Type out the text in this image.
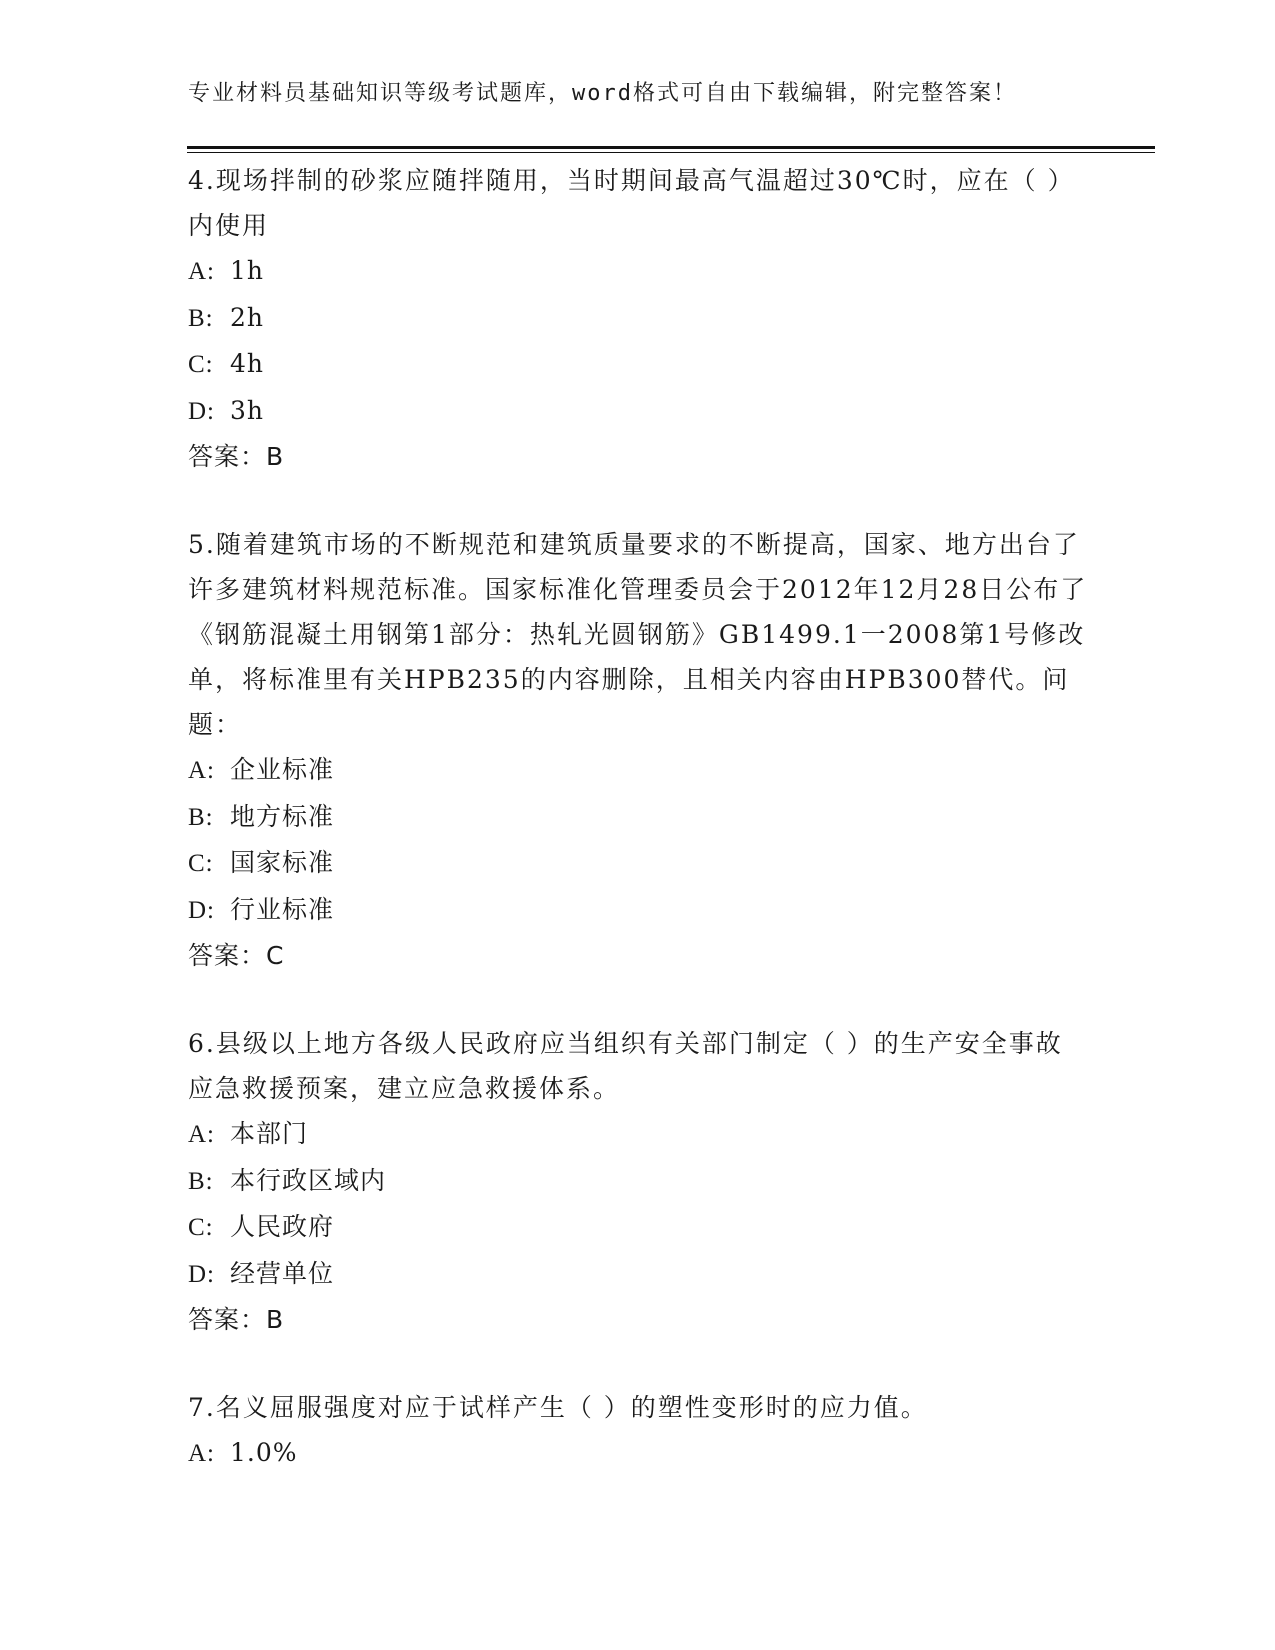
专业材料员基础知识等级考试题库，word格式可自由下载编辑，附完整答案！

4.现场拌制的砂浆应随拌随用，当时期间最高气温超过30℃时，应在（ ）内使用

A: 1h

B: 2h

C: 4h

D: 3h

答案：B

5.随着建筑市场的不断规范和建筑质量要求的不断提高，国家、地方出台了许多建筑材料规范标准。国家标准化管理委员会于2012年12月28日公布了《钢筋混凝土用钢第1部分：热轧光圆钢筋》GB1499.1一2008第1号修改单，将标准里有关HPB235的内容删除，且相关内容由HPB300替代。问题：

A: 企业标准

B: 地方标准

C: 国家标准

D: 行业标准

答案：C

6.县级以上地方各级人民政府应当组织有关部门制定（ ）的生产安全事故应急救援预案，建立应急救援体系。

A: 本部门

B: 本行政区域内

C: 人民政府

D: 经营单位

答案：B

7.名义屈服强度对应于试样产生（ ）的塑性变形时的应力值。

A: 1.0%
